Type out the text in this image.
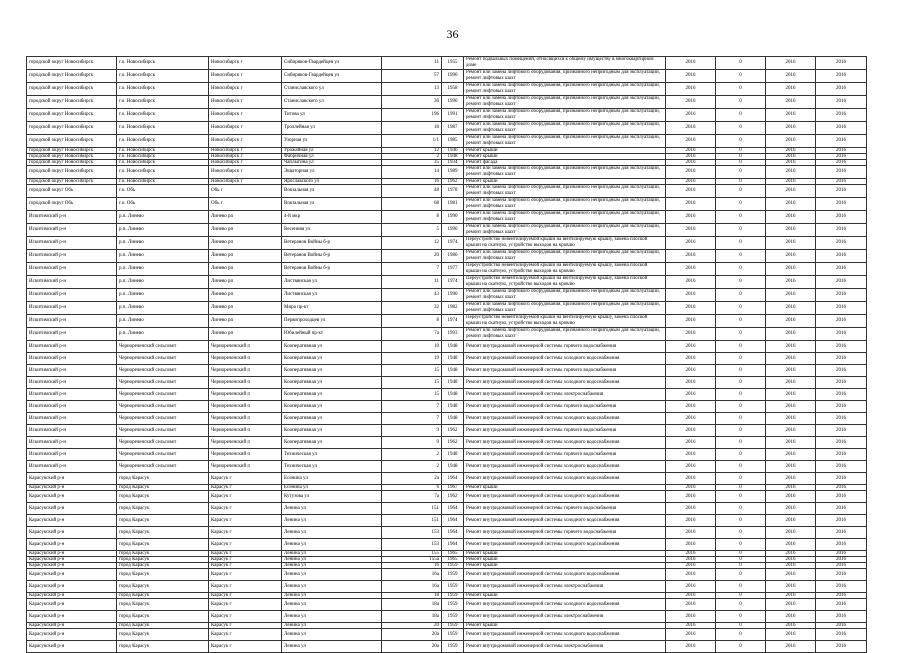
36
городской округ Новосибирск	г.о. Новосибирск	Новосибирск г	Сибиряков-Гвардейцев ул	11	1955	Ремонт подвальных помещений, относящихся к общему имуществу в многоквартирном доме	2016	0	2016	2016
городской округ Новосибирск	г.о. Новосибирск	Новосибирск г	Сибиряков-Гвардейцев ул	57	1990	Ремонт или замена лифтового оборудования, признанного непригодным для эксплуатации, ремонт лифтовых шахт	2016	0	2016	2016
городской округ Новосибирск	г.о. Новосибирск	Новосибирск г	Станиславского ул	13	1958	Ремонт или замена лифтового оборудования, признанного непригодным для эксплуатации, ремонт лифтовых шахт	2016	0	2016	2016
городской округ Новосибирск	г.о. Новосибирск	Новосибирск г	Станиславского ул	36	1990	Ремонт или замена лифтового оборудования, признанного непригодным для эксплуатации, ремонт лифтовых шахт	2016	0	2016	2016
городской округ Новосибирск	г.о. Новосибирск	Новосибирск г	Титова ул	196	1991	Ремонт или замена лифтового оборудования, признанного непригодным для эксплуатации, ремонт лифтовых шахт	2016	0	2016	2016
городской округ Новосибирск	г.о. Новосибирск	Новосибирск г	Троллейная ул	18	1987	Ремонт или замена лифтового оборудования, признанного непригодным для эксплуатации, ремонт лифтовых шахт	2016	0	2016	2016
городской округ Новосибирск	г.о. Новосибирск	Новосибирск г	Узорная ул	1/1	1985	Ремонт или замена лифтового оборудования, признанного непригодным для эксплуатации, ремонт лифтовых шахт	2016	0	2016	2016
городской округ Новосибирск	г.о. Новосибирск	Новосибирск г	Урожайная ул	12	1946	Ремонт крыши	2016	0	2016	2016
городской округ Новосибирск	г.о. Новосибирск	Новосибирск г	Фабричная ул	2	1948	Ремонт крыши	2016	0	2016	2016
городской округ Новосибирск	г.о. Новосибирск	Новосибирск г	Чаплыгина ул	35	1934	Ремонт фасада	2016	0	2016	2016
городской округ Новосибирск	г.о. Новосибирск	Новосибирск г	Экваторная ул	14	1989	Ремонт или замена лифтового оборудования, признанного непригодным для эксплуатации, ремонт лифтовых шахт	2016	0	2016	2016
городской округ Новосибирск	г.о. Новосибирск	Новосибирск г	Ярославского ул	16	1962	Ремонт крыши	2016	0	2016	2016
городской округ Обь	г.о. Обь	Обь г	Вокзальная ул	48	1978	Ремонт или замена лифтового оборудования, признанного непригодным для эксплуатации, ремонт лифтовых шахт	2016	0	2016	2016
городской округ Обь	г.о. Обь	Обь г	Вокзальная ул	68	1981	Ремонт или замена лифтового оборудования, признанного непригодным для эксплуатации, ремонт лифтовых шахт	2016	0	2016	2016
Искитимский р-н	р.п. Линево	Линево рп	4-й мкр	8	1990	Ремонт или замена лифтового оборудования, признанного непригодным для эксплуатации, ремонт лифтовых шахт	2016	0	2016	2016
Искитимский р-н	р.п. Линево	Линево рп	Весенняя ул	5	1990	Ремонт или замена лифтового оборудования, признанного непригодным для эксплуатации, ремонт лифтовых шахт	2016	0	2016	2016
Искитимский р-н	р.п. Линево	Линево рп	Ветеранов Войны б-р	12	1974	Переустройство невентилируемой крыши на вентилируемую крышу, замена плоской крыши на скатную, устройство выходов на кровлю	2016	0	2016	2016
Искитимский р-н	р.п. Линево	Линево рп	Ветеранов Войны б-р	20	1980	Ремонт или замена лифтового оборудования, признанного непригодным для эксплуатации, ремонт лифтовых шахт	2016	0	2016	2016
Искитимский р-н	р.п. Линево	Линево рп	Ветеранов Войны б-р	7	1977	Переустройство невентилируемой крыши на вентилируемую крышу, замена плоской крыши на скатную, устройство выходов на кровлю	2016	0	2016	2016
Искитимский р-н	р.п. Линево	Линево рп	Листвянская ул	11	1974	Переустройство невентилируемой крыши на вентилируемую крышу, замена плоской крыши на скатную, устройство выходов на кровлю	2016	0	2016	2016
Искитимский р-н	р.п. Линево	Линево рп	Листвянская ул	43	1990	Ремонт или замена лифтового оборудования, признанного непригодным для эксплуатации, ремонт лифтовых шахт	2016	0	2016	2016
Искитимский р-н	р.п. Линево	Линево рп	Мира пр-кт	32	1982	Ремонт или замена лифтового оборудования, признанного непригодным для эксплуатации, ремонт лифтовых шахт	2016	0	2016	2016
Искитимский р-н	р.п. Линево	Линево рп	Первопроходцев ул	8	1974	Переустройство невентилируемой крыши на вентилируемую крышу, замена плоской крыши на скатную, устройство выходов на кровлю	2016	0	2016	2016
Искитимский р-н	р.п. Линево	Линево рп	Юбилейный пр-кт	7а	1993	Ремонт или замена лифтового оборудования, признанного непригодным для эксплуатации, ремонт лифтовых шахт	2016	0	2016	2016
Искитимский р-н	Чернореченский сельсовет	Чернореченский п	Кооперативная ул	10	1948	Ремонт внутридомовой инженерной системы горячего водоснабжения	2016	0	2016	2016
Искитимский р-н	Чернореченский сельсовет	Чернореченский п	Кооперативная ул	19	1948	Ремонт внутридомовой инженерной системы холодного водоснабжения	2016	0	2016	2016
Искитимский р-н	Чернореченский сельсовет	Чернореченский п	Кооперативная ул	15	1948	Ремонт внутридомовой инженерной системы горячего водоснабжения	2016	0	2016	2016
Искитимский р-н	Чернореченский сельсовет	Чернореченский п	Кооперативная ул	15	1948	Ремонт внутридомовой инженерной системы холодного водоснабжения	2016	0	2016	2016
Искитимский р-н	Чернореченский сельсовет	Чернореченский п	Кооперативная ул	15	1948	Ремонт внутридомовой инженерной системы электроснабжения	2016	0	2016	2016
Искитимский р-н	Чернореченский сельсовет	Чернореченский п	Кооперативная ул	7	1948	Ремонт внутридомовой инженерной системы горячего водоснабжения	2016	0	2016	2016
Искитимский р-н	Чернореченский сельсовет	Чернореченский п	Кооперативная ул	7	1948	Ремонт внутридомовой инженерной системы холодного водоснабжения	2016	0	2016	2016
Искитимский р-н	Чернореченский сельсовет	Чернореченский п	Кооперативная ул	9	1962	Ремонт внутридомовой инженерной системы горячего водоснабжения	2016	0	2016	2016
Искитимский р-н	Чернореченский сельсовет	Чернореченский п	Кооперативная ул	9	1962	Ремонт внутридомовой инженерной системы холодного водоснабжения	2016	0	2016	2016
Искитимский р-н	Чернореченский сельсовет	Чернореченский п	Техническая ул	2	1948	Ремонт внутридомовой инженерной системы горячего водоснабжения	2016	0	2016	2016
Искитимский р-н	Чернореченский сельсовет	Чернореченский п	Техническая ул	2	1948	Ремонт внутридомовой инженерной системы холодного водоснабжения	2016	0	2016	2016
Карасукский р-н	город Карасук	Карасук г	Есенина ул	2а	1964	Ремонт внутридомовой инженерной системы холодного водоснабжения	2016	0	2016	2016
Карасукский р-н	город Карасук	Карасук г	Есенина ул	6	1967	Ремонт крыши	2016	0	2016	2016
Карасукский р-н	город Карасук	Карасук г	Кутузова ул	7а	1962	Ремонт внутридомовой инженерной системы холодного водоснабжения	2016	0	2016	2016
Карасукский р-н	город Карасук	Карасук г	Ленина ул	151	1964	Ремонт внутридомовой инженерной системы горячего водоснабжения	2016	0	2016	2016
Карасукский р-н	город Карасук	Карасук г	Ленина ул	151	1964	Ремонт внутридомовой инженерной системы холодного водоснабжения	2016	0	2016	2016
Карасукский р-н	город Карасук	Карасук г	Ленина ул	153	1964	Ремонт внутридомовой инженерной системы горячего водоснабжения	2016	0	2016	2016
Карасукский р-н	город Карасук	Карасук г	Ленина ул	153	1964	Ремонт внутридомовой инженерной системы холодного водоснабжения	2016	0	2016	2016
Карасукский р-н	город Карасук	Карасук г	Ленина ул	155	1965	Ремонт крыши	2016	0	2016	2016
Карасукский р-н	город Карасук	Карасук г	Ленина ул	155а	1965	Ремонт крыши	2016	0	2016	2016
Карасукский р-н	город Карасук	Карасук г	Ленина ул	16	1959	Ремонт крыши	2016	0	2016	2016
Карасукский р-н	город Карасук	Карасук г	Ленина ул	16а	1959	Ремонт внутридомовой инженерной системы холодного водоснабжения	2016	0	2016	2016
Карасукский р-н	город Карасук	Карасук г	Ленина ул	16а	1959	Ремонт внутридомовой инженерной системы электроснабжения	2016	0	2016	2016
Карасукский р-н	город Карасук	Карасук г	Ленина ул	18	1959	Ремонт крыши	2016	0	2016	2016
Карасукский р-н	город Карасук	Карасук г	Ленина ул	18а	1959	Ремонт внутридомовой инженерной системы холодного водоснабжения	2016	0	2016	2016
Карасукский р-н	город Карасук	Карасук г	Ленина ул	18а	1959	Ремонт внутридомовой инженерной системы электроснабжения	2016	0	2016	2016
Карасукский р-н	город Карасук	Карасук г	Ленина ул	20	1959	Ремонт крыши	2016	0	2016	2016
Карасукский р-н	город Карасук	Карасук г	Ленина ул	20а	1959	Ремонт внутридомовой инженерной системы холодного водоснабжения	2016	0	2016	2016
Карасукский р-н	город Карасук	Карасук г	Ленина ул	20а	1959	Ремонт внутридомовой инженерной системы электроснабжения	2016	0	2016	2016
